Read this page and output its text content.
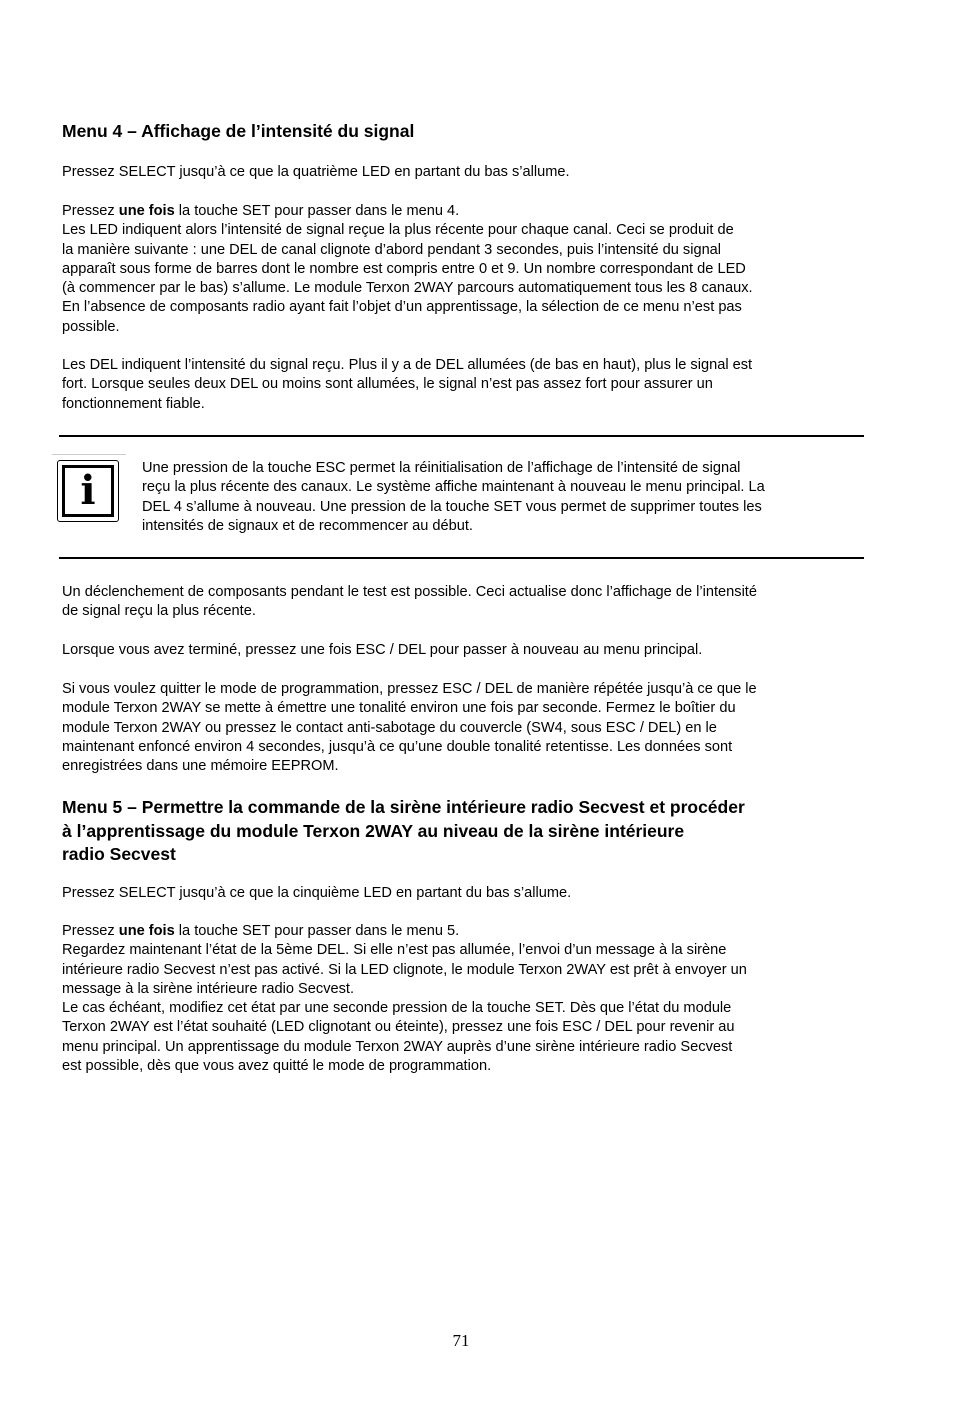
Menu 4 – Affichage de l’intensité du signal

Pressez SELECT jusqu’à ce que la quatrième LED en partant du bas s’allume.

Pressez une fois la touche SET pour passer dans le menu 4.
Les LED indiquent alors l’intensité de signal reçue la plus récente pour chaque canal. Ceci se produit de
la manière suivante : une DEL de canal clignote d’abord pendant 3 secondes, puis l’intensité du signal
apparaît sous forme de barres dont le nombre est compris entre 0 et 9. Un nombre correspondant de LED
(à commencer par le bas) s’allume. Le module Terxon 2WAY parcours automatiquement tous les 8 canaux.
En l’absence de composants radio ayant fait l’objet d’un apprentissage, la sélection de ce menu n’est pas
possible.

Les DEL indiquent l’intensité du signal reçu. Plus il y a de DEL allumées (de bas en haut), plus le signal est
fort. Lorsque seules deux DEL ou moins sont allumées, le signal n’est pas assez fort pour assurer un
fonctionnement fiable.

i	Une pression de la touche ESC permet la réinitialisation de l’affichage de l’intensité de signal
reçu la plus récente des canaux. Le système affiche maintenant à nouveau le menu principal. La
DEL 4 s’allume à nouveau. Une pression de la touche SET vous permet de supprimer toutes les
intensités de signaux et de recommencer au début.

Un déclenchement de composants pendant le test est possible. Ceci actualise donc l’affichage de l’intensité
de signal reçu la plus récente.

Lorsque vous avez terminé, pressez une fois ESC / DEL pour passer à nouveau au menu principal.

Si vous voulez quitter le mode de programmation, pressez ESC / DEL de manière répétée jusqu’à ce que le
module Terxon 2WAY se mette à émettre une tonalité environ une fois par seconde. Fermez le boîtier du
module Terxon 2WAY ou pressez le contact anti-sabotage du couvercle (SW4, sous ESC / DEL) en le
maintenant enfoncé environ 4 secondes, jusqu’à ce qu’une double tonalité retentisse. Les données sont
enregistrées dans une mémoire EEPROM.

Menu 5 – Permettre la commande de la sirène intérieure radio Secvest et procéder
à l’apprentissage du module Terxon 2WAY au niveau de la sirène intérieure
radio Secvest

Pressez SELECT jusqu’à ce que la cinquième LED en partant du bas s’allume.

Pressez une fois la touche SET pour passer dans le menu 5.
Regardez maintenant l’état de la 5ème DEL. Si elle n’est pas allumée, l’envoi d’un message à la sirène
intérieure radio Secvest n’est pas activé. Si la LED clignote, le module Terxon 2WAY est prêt à envoyer un
message à la sirène intérieure radio Secvest.
Le cas échéant, modifiez cet état par une seconde pression de la touche SET. Dès que l’état du module
Terxon 2WAY est l’état souhaité (LED clignotant ou éteinte), pressez une fois ESC / DEL pour revenir au
menu principal. Un apprentissage du module Terxon 2WAY auprès d’une sirène intérieure radio Secvest
est possible, dès que vous avez quitté le mode de programmation.

71
